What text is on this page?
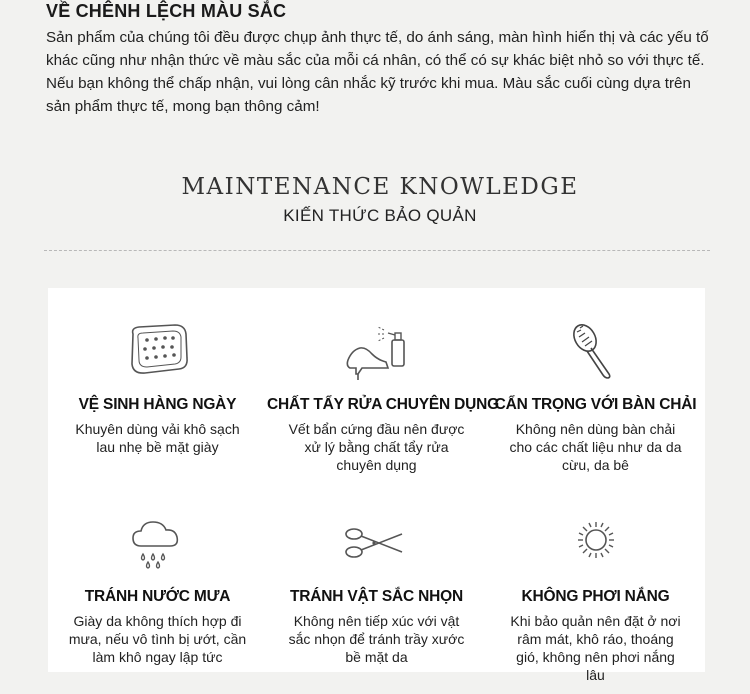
VỀ CHÊNH LỆCH MÀU SẮC

Sản phẩm của chúng tôi đều được chụp ảnh thực tế, do ánh sáng, màn hình hiển thị và các yếu tố khác cũng như nhận thức về màu sắc của mỗi cá nhân, có thể có sự khác biệt nhỏ so với thực tế. Nếu bạn không thể chấp nhận, vui lòng cân nhắc kỹ trước khi mua. Màu sắc cuối cùng dựa trên sản phẩm thực tế, mong bạn thông cảm!

MAINTENANCE KNOWLEDGE
KIẾN THỨC BẢO QUẢN
VỆ SINH HÀNG NGÀY
Khuyên dùng vải khô sạch lau nhẹ bề mặt giày
CHẤT TẨY RỬA CHUYÊN DỤNG
Vết bẩn cứng đầu nên được xử lý bằng chất tẩy rửa chuyên dụng
CẨN TRỌNG VỚI BÀN CHẢI
Không nên dùng bàn chải cho các chất liệu như da da cừu, da bê
TRÁNH NƯỚC MƯA
Giày da không thích hợp đi mưa, nếu vô tình bị ướt, cần làm khô ngay lập tức
TRÁNH VẬT SẮC NHỌN
Không nên tiếp xúc với vật sắc nhọn để tránh trầy xước bề mặt da
KHÔNG PHƠI NẮNG
Khi bảo quản nên đặt ở nơi râm mát, khô ráo, thoáng gió, không nên phơi nắng lâu
